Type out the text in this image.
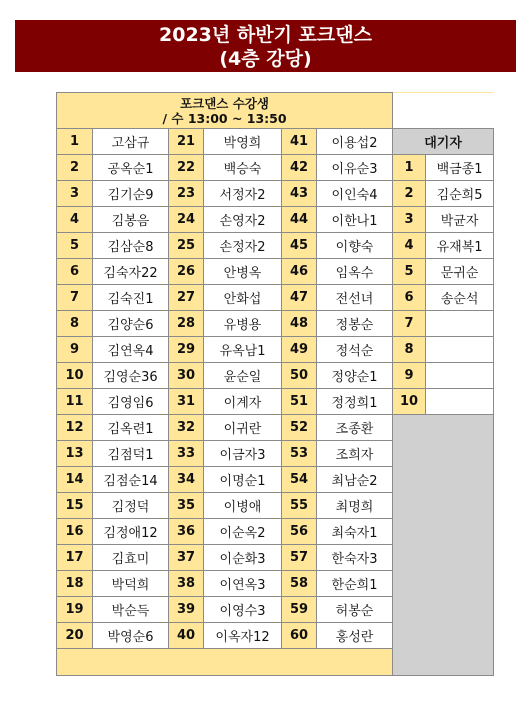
2023년 하반기 포크댄스
(4층 강당)
포크댄스 수강생
/ 수 13:00 ~ 13:50							

1	고삼규	21	박영희	41	이용섭2	대기자	
2	공옥순1	22	백승숙	42	이유순3	1	백금종1
3	김기순9	23	서정자2	43	이인숙4	2	김순희5
4	김봉음	24	손영자2	44	이한나1	3	박균자
5	김삼순8	25	손정자2	45	이향숙	4	유재복1
6	김숙자22	26	안병옥	46	임옥수	5	문귀순
7	김숙진1	27	안화섭	47	전선녀	6	송순석
8	김양순6	28	유병용	48	정봉순	7	
9	김연옥4	29	유옥남1	49	정석순	8	
10	김영순36	30	윤순일	50	정양순1	9	
11	김영임6	31	이계자	51	정정희1	10	
12	김옥련1	32	이귀란	52	조종환		
13	김점덕1	33	이금자3	53	조희자		
14	김점순14	34	이명순1	54	최남순2		
15	김정덕	35	이병애	55	최명희		
16	김정애12	36	이순옥2	56	최숙자1		
17	김효미	37	이순화3	57	한숙자3		
18	박덕희	38	이연옥3	58	한순희1		
19	박순득	39	이영수3	59	허봉순		
20	박영순6	40	이옥자12	60	홍성란		
